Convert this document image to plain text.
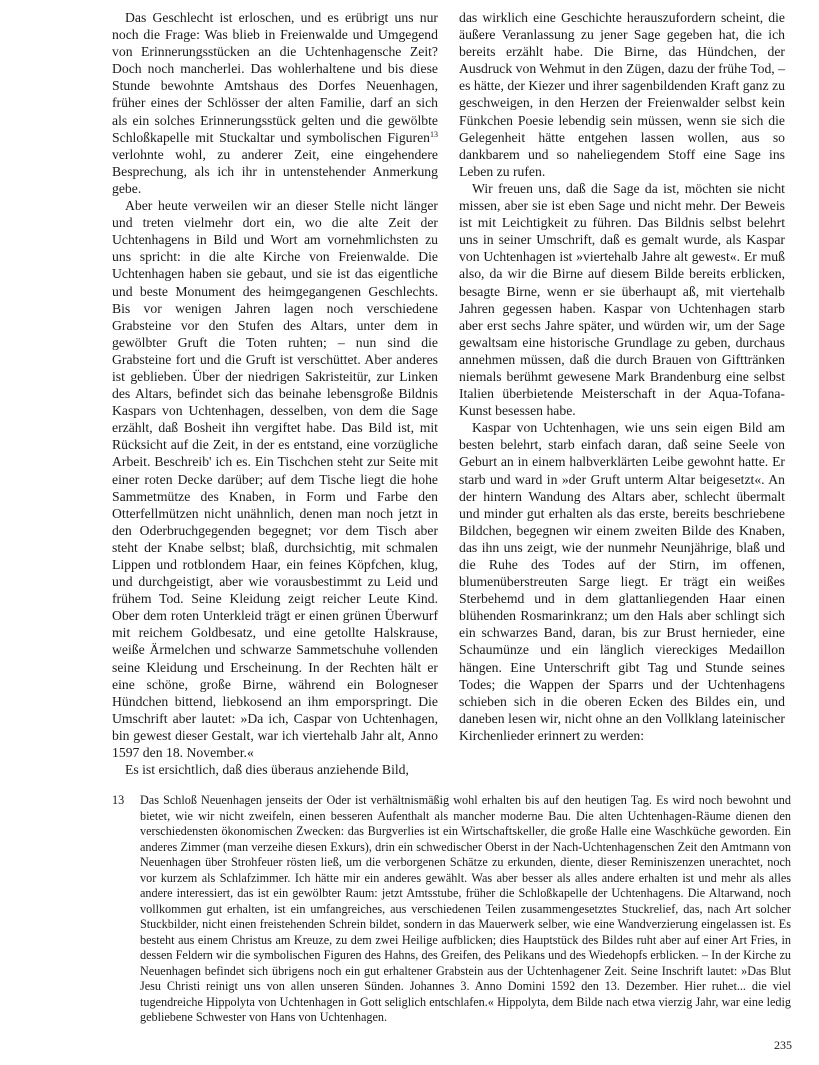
Das Geschlecht ist erloschen, und es erübrigt uns nur noch die Frage: Was blieb in Freienwalde und Umgegend von Erinnerungsstücken an die Uchtenhagensche Zeit? Doch noch mancherlei. Das wohlerhaltene und bis diese Stunde bewohnte Amtshaus des Dorfes Neuenhagen, früher eines der Schlösser der alten Familie, darf an sich als ein solches Erinnerungsstück gelten und die gewölbte Schloßkapelle mit Stuckaltar und symbolischen Figuren$^{13}$ verlohnte wohl, zu anderer Zeit, eine eingehendere Besprechung, als ich ihr in untenstehender Anmerkung gebe.

Aber heute verweilen wir an dieser Stelle nicht länger und treten vielmehr dort ein, wo die alte Zeit der Uchtenhagens in Bild und Wort am vornehmlichsten zu uns spricht: in die alte Kirche von Freienwalde. Die Uchtenhagen haben sie gebaut, und sie ist das eigentliche und beste Monument des heimgegangenen Geschlechts. Bis vor wenigen Jahren lagen noch verschiedene Grabsteine vor den Stufen des Altars, unter dem in gewölbter Gruft die Toten ruhten; – nun sind die Grabsteine fort und die Gruft ist verschüttet. Aber anderes ist geblieben. Über der niedrigen Sakristeitür, zur Linken des Altars, befindet sich das beinahe lebensgroße Bildnis Kaspars von Uchtenhagen, desselben, von dem die Sage erzählt, daß Bosheit ihn vergiftet habe. Das Bild ist, mit Rücksicht auf die Zeit, in der es entstand, eine vorzügliche Arbeit. Beschreib' ich es. Ein Tischchen steht zur Seite mit einer roten Decke darüber; auf dem Tische liegt die hohe Sammetmütze des Knaben, in Form und Farbe den Otterfellmützen nicht unähnlich, denen man noch jetzt in den Oderbruchgegenden begegnet; vor dem Tisch aber steht der Knabe selbst; blaß, durchsichtig, mit schmalen Lippen und rotblondem Haar, ein feines Köpfchen, klug, und durchgeistigt, aber wie vorausbestimmt zu Leid und frühem Tod. Seine Kleidung zeigt reicher Leute Kind. Ober dem roten Unterkleid trägt er einen grünen Überwurf mit reichem Goldbesatz, und eine getollte Halskrause, weiße Ärmelchen und schwarze Sammetschuhe vollenden seine Kleidung und Erscheinung. In der Rechten hält er eine schöne, große Birne, während ein Bologneser Hündchen bittend, liebkosend an ihm emporspringt. Die Umschrift aber lautet: »Da ich, Caspar von Uchtenhagen, bin gewest dieser Gestalt, war ich viertehalb Jahr alt, Anno 1597 den 18. November.«

Es ist ersichtlich, daß dies überaus anziehende Bild,

das wirklich eine Geschichte herauszufordern scheint, die äußere Veranlassung zu jener Sage gegeben hat, die ich bereits erzählt habe. Die Birne, das Hündchen, der Ausdruck von Wehmut in den Zügen, dazu der frühe Tod, – es hätte, der Kiezer und ihrer sagenbildenden Kraft ganz zu geschweigen, in den Herzen der Freienwalder selbst kein Fünkchen Poesie lebendig sein müssen, wenn sie sich die Gelegenheit hätte entgehen lassen wollen, aus so dankbarem und so naheliegendem Stoff eine Sage ins Leben zu rufen.

Wir freuen uns, daß die Sage da ist, möchten sie nicht missen, aber sie ist eben Sage und nicht mehr. Der Beweis ist mit Leichtigkeit zu führen. Das Bildnis selbst belehrt uns in seiner Umschrift, daß es gemalt wurde, als Kaspar von Uchtenhagen ist »viertehalb Jahre alt gewest«. Er muß also, da wir die Birne auf diesem Bilde bereits erblicken, besagte Birne, wenn er sie überhaupt aß, mit viertehalb Jahren gegessen haben. Kaspar von Uchtenhagen starb aber erst sechs Jahre später, und würden wir, um der Sage gewaltsam eine historische Grundlage zu geben, durchaus annehmen müssen, daß die durch Brauen von Gifttränken niemals berühmt gewesene Mark Brandenburg eine selbst Italien überbietende Meisterschaft in der Aqua-Tofana-Kunst besessen habe.

Kaspar von Uchtenhagen, wie uns sein eigen Bild am besten belehrt, starb einfach daran, daß seine Seele von Geburt an in einem halbverklärten Leibe gewohnt hatte. Er starb und ward in »der Gruft unterm Altar beigesetzt«. An der hintern Wandung des Altars aber, schlecht übermalt und minder gut erhalten als das erste, bereits beschriebene Bildchen, begegnen wir einem zweiten Bilde des Knaben, das ihn uns zeigt, wie der nunmehr Neunjährige, blaß und die Ruhe des Todes auf der Stirn, im offenen, blumenüberstreuten Sarge liegt. Er trägt ein weißes Sterbehemd und in dem glattanliegenden Haar einen blühenden Rosmarinkranz; um den Hals aber schlingt sich ein schwarzes Band, daran, bis zur Brust hernieder, eine Schaumünze und ein länglich viereckiges Medaillon hängen. Eine Unterschrift gibt Tag und Stunde seines Todes; die Wappen der Sparrs und der Uchtenhagens schieben sich in die oberen Ecken des Bildes ein, und daneben lesen wir, nicht ohne an den Vollklang lateinischer Kirchenlieder erinnert zu werden:

13 Das Schloß Neuenhagen jenseits der Oder ist verhältnismäßig wohl erhalten bis auf den heutigen Tag. Es wird noch bewohnt und bietet, wie wir nicht zweifeln, einen besseren Aufenthalt als mancher moderne Bau. Die alten Uchtenhagen-Räume dienen den verschiedensten ökonomischen Zwecken: das Burgverlies ist ein Wirtschaftskeller, die große Halle eine Waschküche geworden. Ein anderes Zimmer (man verzeihe diesen Exkurs), drin ein schwedischer Oberst in der Nach-Uchtenhagenschen Zeit den Amtmann von Neuenhagen über Strohfeuer rösten ließ, um die verborgenen Schätze zu erkunden, diente, dieser Reminiszenzen unerachtet, noch vor kurzem als Schlafzimmer. Ich hätte mir ein anderes gewählt. Was aber besser als alles andere erhalten ist und mehr als alles andere interessiert, das ist ein gewölbter Raum: jetzt Amtsstube, früher die Schloßkapelle der Uchtenhagens. Die Altarwand, noch vollkommen gut erhalten, ist ein umfangreiches, aus verschiedenen Teilen zusammengesetztes Stuckrelief, das, nach Art solcher Stuckbilder, nicht einen freistehenden Schrein bildet, sondern in das Mauerwerk selber, wie eine Wandverzierung eingelassen ist. Es besteht aus einem Christus am Kreuze, zu dem zwei Heilige aufblicken; dies Hauptstück des Bildes ruht aber auf einer Art Fries, in dessen Feldern wir die symbolischen Figuren des Hahns, des Greifen, des Pelikans und des Wiedehopfs erblicken. – In der Kirche zu Neuenhagen befindet sich übrigens noch ein gut erhaltener Grabstein aus der Uchtenhagener Zeit. Seine Inschrift lautet: »Das Blut Jesu Christi reinigt uns von allen unseren Sünden. Johannes 3. Anno Domini 1592 den 13. Dezember. Hier ruhet... die viel tugendreiche Hippolyta von Uchtenhagen in Gott seliglich entschlafen.« Hippolyta, dem Bilde nach etwa vierzig Jahr, war eine ledig gebliebene Schwester von Hans von Uchtenhagen.
235
